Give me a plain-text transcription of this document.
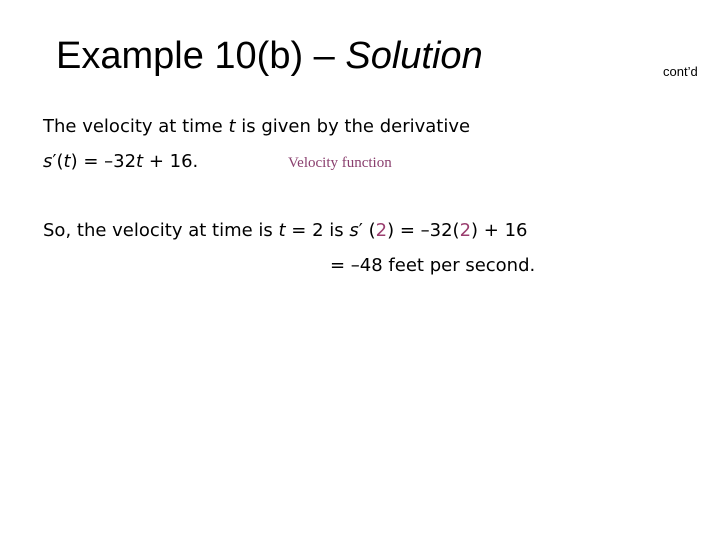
Example 10(b) – Solution	cont’d
The velocity at time t is given by the derivative
s′(t) = –32t + 16.	Velocity function
So, the velocity at time is t = 2 is s′ (2) = –32(2) + 16
= –48 feet per second.
